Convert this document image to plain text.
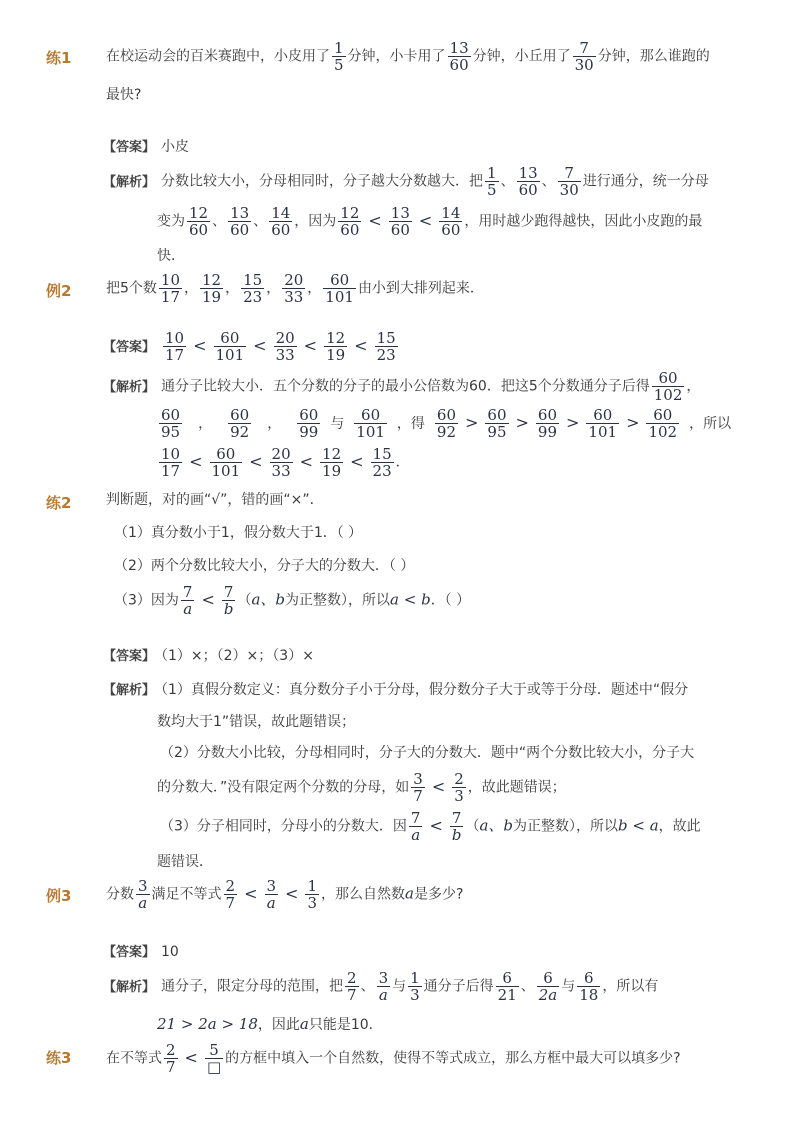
练1 在校运动会的百米赛跑中，小皮用了 $\frac{1}{5}$ 分钟，小卡用了 $\frac{13}{60}$ 分钟，小丘用了 $\frac{7}{30}$ 分钟，那么谁跑的
最快?
【答案】 小皮
【解析】 分数比较大小，分母相同时，分子越大分数越大．把 $\frac{1}{5}$ 、 $\frac{13}{60}$ 、 $\frac{7}{30}$ 进行通分，统一分母
变为 $\frac{12}{60}$ 、 $\frac{13}{60}$ 、 $\frac{14}{60}$ ，因为 $\frac{12}{60} < \frac{13}{60} < \frac{14}{60}$ ，用时越少跑得越快，因此小皮跑的最
快．
例2 把5个数 $\frac{10}{17}$ ， $\frac{12}{19}$ ， $\frac{15}{23}$ ， $\frac{20}{33}$ ， $\frac{60}{101}$ 由小到大排列起来．
【答案】 $\frac{10}{17} < \frac{60}{101} < \frac{20}{33} < \frac{12}{19} < \frac{15}{23}$
【解析】 通分子比较大小．五个分数的分子的最小公倍数为60．把这5个分数通分子后得 $\frac{60}{102}$ ，
$\frac{60}{95}$ ， $\frac{60}{92}$ ， $\frac{60}{99}$ 与 $\frac{60}{101}$ ，得 $\frac{60}{92} > \frac{60}{95} > \frac{60}{99} > \frac{60}{101} > \frac{60}{102}$ ，所以
$\frac{10}{17} < \frac{60}{101} < \frac{20}{33} < \frac{12}{19} < \frac{15}{23}$ ．
练2 判断题，对的画“√”，错的画“×”．
（1）真分数小于1，假分数大于1．（ ）
（2）两个分数比较大小，分子大的分数大．（ ）
（3）因为 $\frac{7}{a} < \frac{7}{b} (a$、b为正整数），所以a < b．（ ）
【答案】 （1）×；（2）×；（3）×
【解析】 （1）真假分数定义：真分数分子小于分母，假分数分子大于或等于分母．题述中“假分
数均大于1”错误，故此题错误；
（2）分数大小比较，分母相同时，分子大的分数大．题中“两个分数比较大小，分子大
的分数大．”没有限定两个分数的分母，如 $\frac{3}{7} < \frac{2}{3}$ ，故此题错误；
（3）分子相同时，分母小的分数大．因 $\frac{7}{a} < \frac{7}{b} (a$、b为正整数），所以b < a，故此
题错误．
例3 分数 $\frac{3}{a}$ 满足不等式 $\frac{2}{7} < \frac{3}{a} < \frac{1}{3}$ ，那么自然数a是多少?
【答案】 10
【解析】 通分子，限定分母的范围，把 $\frac{2}{7}$ 、 $\frac{3}{a}$ 与 $\frac{1}{3}$ 通分子后得 $\frac{6}{21}$ 、 $\frac{6}{2a}$ 与 $\frac{6}{18}$ ，所以有
21 > 2a > 18，因此a只能是10．
练3 在不等式 $\frac{2}{7} < 5$
□ 的方框中填入一个自然数，使得不等式成立，那么方框中最大可以填多少?
